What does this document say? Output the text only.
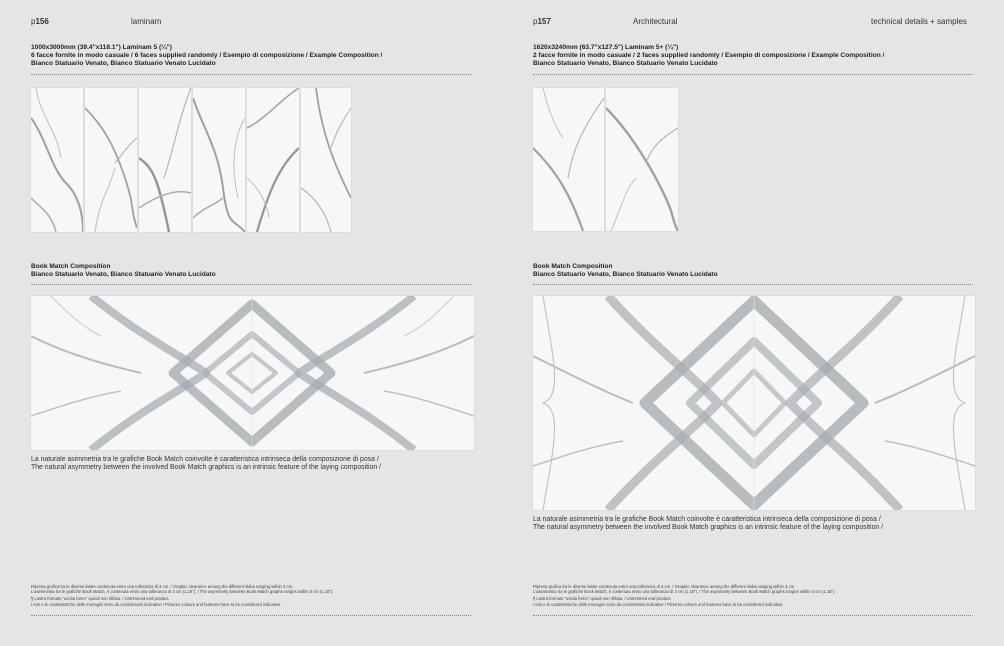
p156	laminam
1000x3000mm (39.4"x118.1") Laminam 5 (¼")
6 facce fornite in modo casuale / 6 faces supplied randomly / Esempio di composizione / Example Composition /
Bianco Statuario Venato, Bianco Statuario Venato Lucidato
Book Match Composition
Bianco Statuario Venato, Bianco Statuario Venato Lucidato
La naturale asimmetria tra le grafiche Book Match coinvolte è caratteristica intrinseca della composizione di posa /
The natural asymmetry between the involved Book Match graphics is an intrinsic feature of the laying composition /
Ripresa grafica tra le diverse lastre contenuta entro una tolleranza di 3 cm. / Graphic clearance among the different slabs ranging within 3 cm.
L'asimmetria tra le grafiche Book Match, è contenuta entro una tolleranza di 3 cm (1.18"). / The asymmetry between Book Match graphs ranges within 3 cm (1.18").
¶ Lastra formato "uscita forno" quindi non rifilata. / Untrimmed end product.
I toni e le caratteristiche delle immagini sono da considerarsi indicative / Pictures colours and features have to be considered indicative.
p157	Architectural	technical details + samples
1620x3240mm (63.7"x127.5") Laminam 5+ (¼")
2 facce fornite in modo casuale / 2 faces supplied randomly / Esempio di composizione / Example Composition /
Bianco Statuario Venato, Bianco Statuario Venato Lucidato
Book Match Composition
Bianco Statuario Venato, Bianco Statuario Venato Lucidato
La naturale asimmetria tra le grafiche Book Match coinvolte è caratteristica intrinseca della composizione di posa /
The natural asymmetry between the involved Book Match graphics is an intrinsic feature of the laying composition /
Ripresa grafica tra le diverse lastre contenuta entro una tolleranza di 3 cm. / Graphic clearance among the different slabs ranging within 3 cm.
L'asimmetria tra le grafiche Book Match, è contenuta entro una tolleranza di 3 cm (1.18"). / The asymmetry between Book Match graphs ranges within 3 cm (1.18").
¶ Lastra formato "uscita forno" quindi non rifilata. / Untrimmed end product.
I toni e le caratteristiche delle immagini sono da considerarsi indicative / Pictures colours and features have to be considered indicative.
